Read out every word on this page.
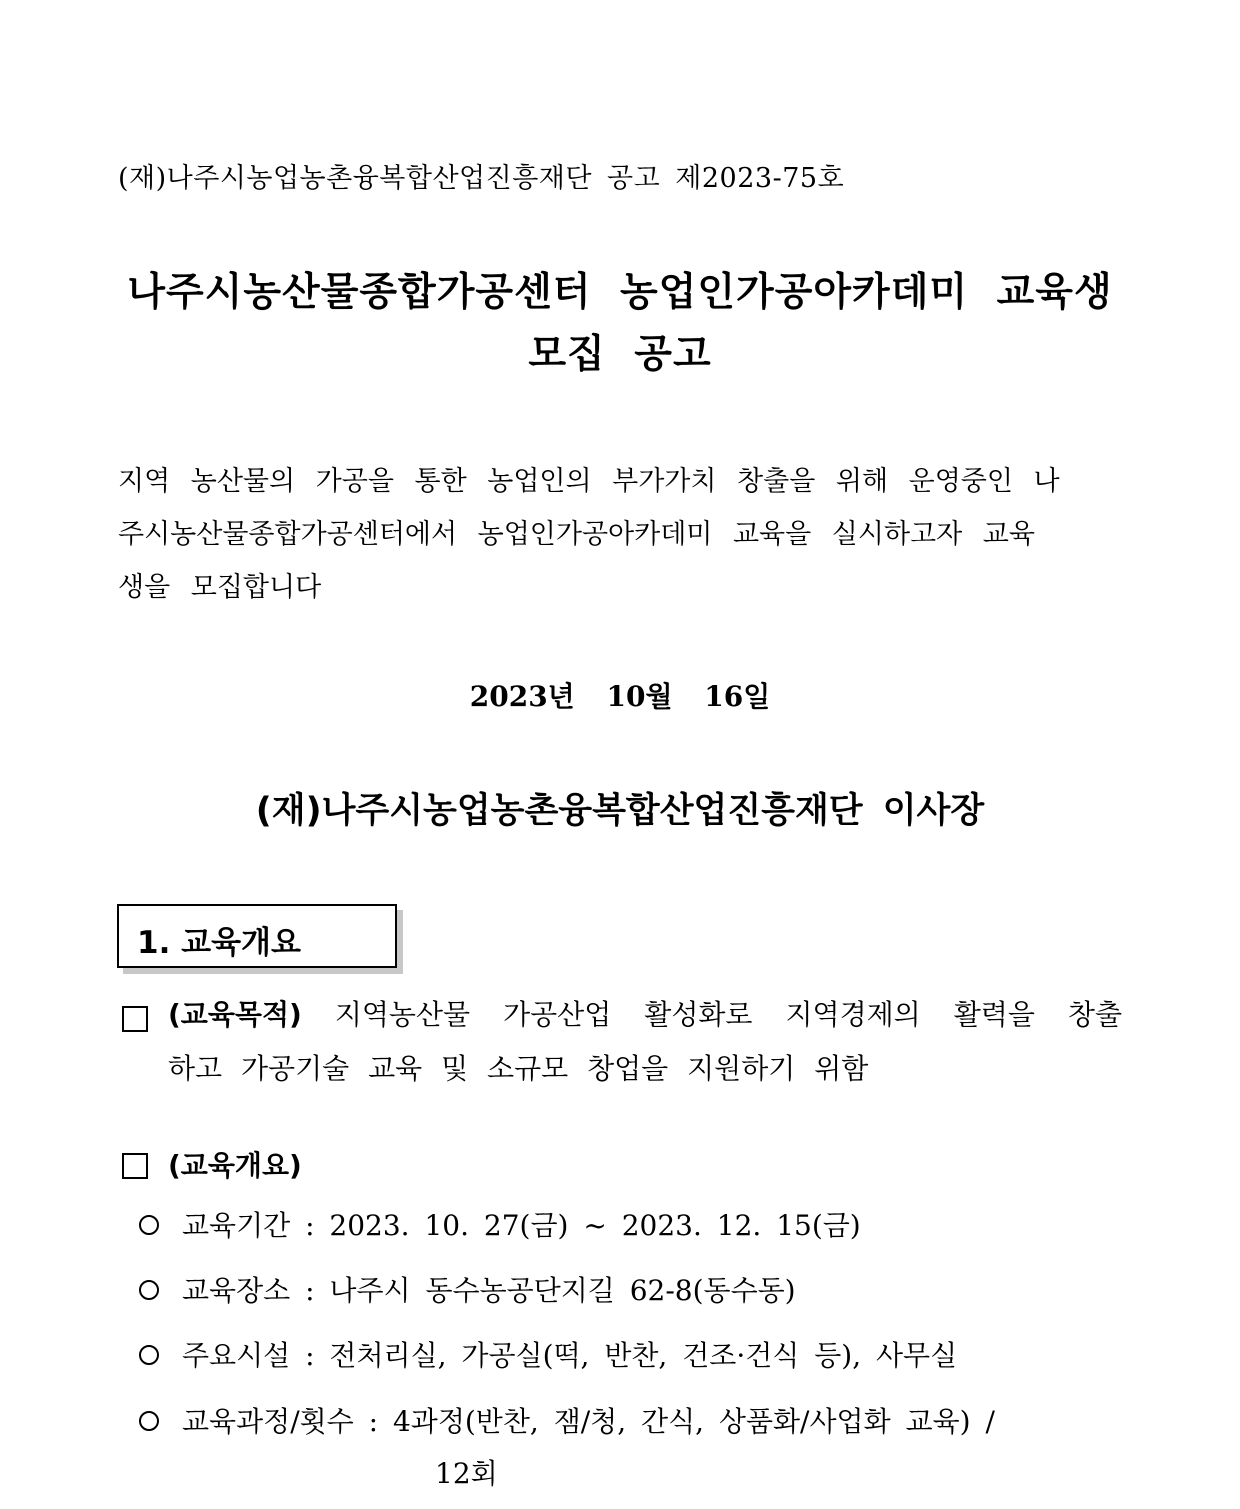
(재)나주시농업농촌융복합산업진흥재단 공고 제2023-75호
나주시농산물종합가공센터 농업인가공아카데미 교육생
모집 공고
지역 농산물의 가공을 통한 농업인의 부가가치 창출을 위해 운영중인 나
주시농산물종합가공센터에서 농업인가공아카데미 교육을 실시하고자 교육
생을 모집합니다
2023년 10월 16일
(재)나주시농업농촌융복합산업진흥재단 이사장
1. 교육개요
(교육목적) 지역농산물 가공산업 활성화로 지역경제의 활력을 창출
하고 가공기술 교육 및 소규모 창업을 지원하기 위함
(교육개요)
교육기간 : 2023. 10. 27(금) ~ 2023. 12. 15(금)
교육장소 : 나주시 동수농공단지길 62-8(동수동)
주요시설 : 전처리실, 가공실(떡, 반찬, 건조·건식 등), 사무실
교육과정/횟수 : 4과정(반찬, 잼/청, 간식, 상품화/사업화 교육) /
12회
